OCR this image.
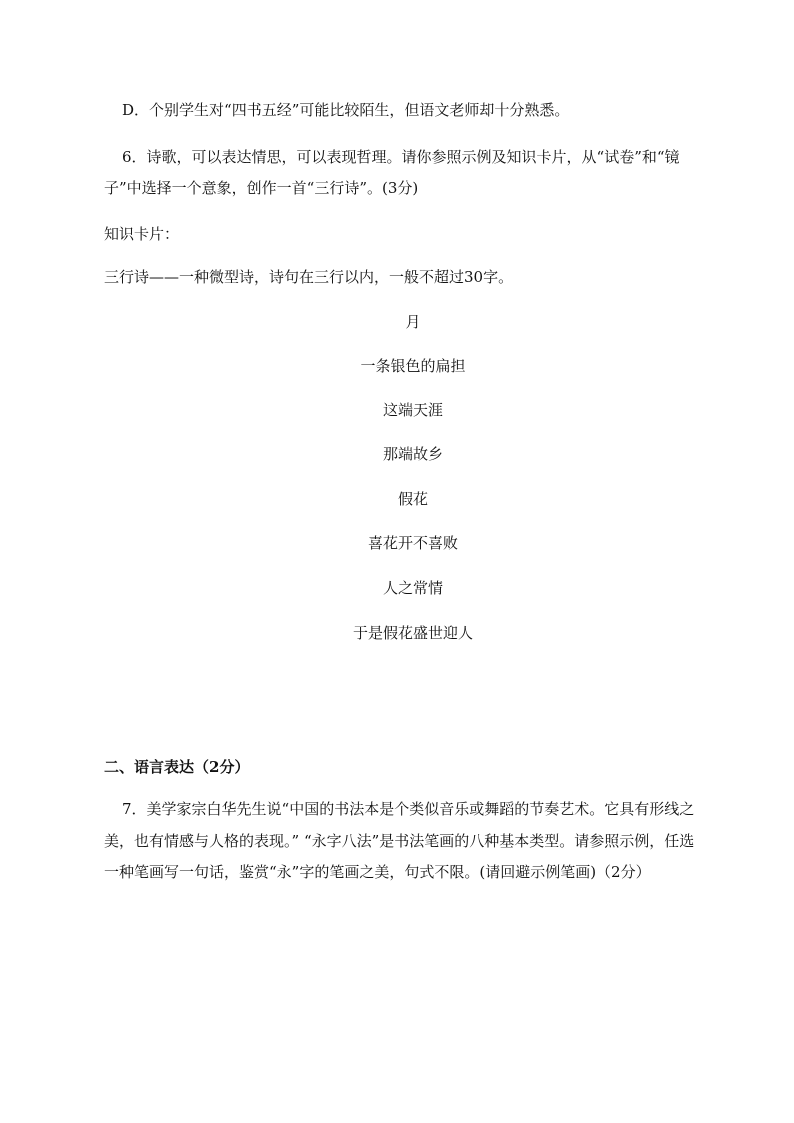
D．个别学生对“四书五经”可能比较陌生，但语文老师却十分熟悉。
6．诗歌，可以表达情思，可以表现哲理。请你参照示例及知识卡片，从“试卷”和“镜
子”中选择一个意象，创作一首“三行诗”。(3分)
知识卡片：
三行诗——一种微型诗，诗句在三行以内，一般不超过30字。
月
一条银色的扁担
这端天涯
那端故乡
假花
喜花开不喜败
人之常情
于是假花盛世迎人
二、语言表达（2分）
7．美学家宗白华先生说“中国的书法本是个类似音乐或舞蹈的节奏艺术。它具有形线之
美，也有情感与人格的表现。” “永字八法”是书法笔画的八种基本类型。请参照示例，任选
一种笔画写一句话，鉴赏“永”字的笔画之美，句式不限。(请回避示例笔画)（2分）
